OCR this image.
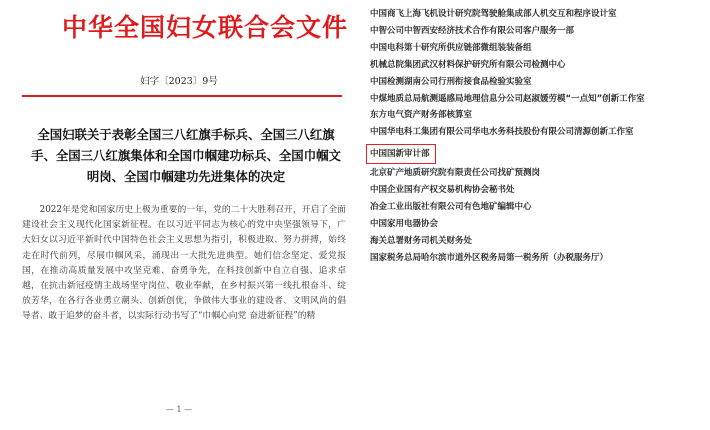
中华全国妇女联合会文件
妇字〔2023〕9号

全国妇联关于表彰全国三八红旗手标兵、全国三八红旗手、全国三八红旗集体和全国巾帼建功标兵、全国巾帼文明岗、全国巾帼建功先进集体的决定

2022年是党和国家历史上极为重要的一年，党的二十大胜利召开，开启了全面建设社会主义现代化国家新征程。在以习近平同志为核心的党中央坚强领导下，广大妇女以习近平新时代中国特色社会主义思想为指引，积极进取、努力拼搏，始终走在时代前列，尽展巾帼风采，涌现出一大批先进典型。她们信念坚定、爱党报国，在推动高质量发展中攻坚克难、奋勇争先，在科技创新中自立自强、追求卓越，在抗击新冠疫情主战场坚守岗位、敬业奉献，在乡村振兴第一线扎根奋斗、绽放芳华，在各行各业勇立潮头、创新创优，争做伟大事业的建设者、文明风尚的倡导者、敢于追梦的奋斗者，以实际行动书写了“巾帼心向党 奋进新征程”的精

— 1 —
中国商飞上海飞机设计研究院驾驶舱集成部人机交互和程序设计室
中智公司中智西安经济技术合作有限公司客户服务一部
中国电科第十研究所供应链部微组装装备组
机械总院集团武汉材料保护研究所有限公司检测中心
中国检测湖南公司行刑衔接食品检验实验室
中煤地质总局航测遥感局地理信息分公司赵淑媛劳模“一点知”创新工作室
东方电气资产财务部核算室
中国华电科工集团有限公司华电水务科技股份有限公司清源创新工作室
中国国新审计部
北京矿产地质研究院有限责任公司找矿预测岗
中国企业国有产权交易机构协会秘书处
冶金工业出版社有限公司有色地矿编辑中心
中国家用电器协会
海关总署财务司机关财务处
国家税务总局哈尔滨市道外区税务局第一税务所（办税服务厅）
